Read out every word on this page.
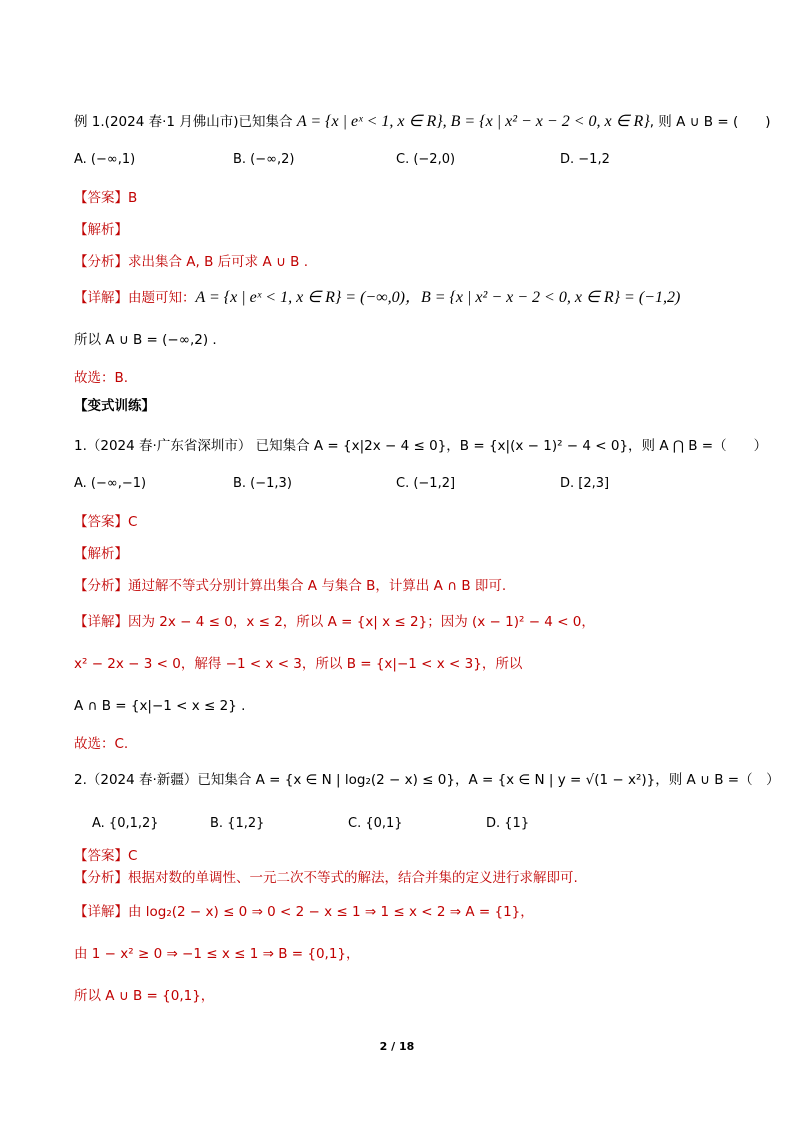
例 1.(2024 春·1 月佛山市)已知集合 A = {x | eˣ < 1, x ∈ R}, B = {x | x² − x − 2 < 0, x ∈ R}, 则 A ∪ B = (　　)
A. (−∞,1)	B. (−∞,2)	C. (−2,0)	D. −1,2
【答案】B
【解析】
【分析】求出集合 A, B 后可求 A ∪ B .
【详解】由题可知：A = {x | eˣ < 1, x ∈ R} = (−∞,0)，B = {x | x² − x − 2 < 0, x ∈ R} = (−1,2)
所以 A ∪ B = (−∞,2) .
故选：B.
【变式训练】
1.（2024 春·广东省深圳市） 已知集合 A = {x|2x − 4 ≤ 0}，B = {x|(x − 1)² − 4 < 0}，则 A ⋂ B =（　　）
A. (−∞,−1)	B. (−1,3)	C. (−1,2]	D. [2,3]
【答案】C
【解析】
【分析】通过解不等式分别计算出集合 A 与集合 B，计算出 A ∩ B 即可.
【详解】因为 2x − 4 ≤ 0，x ≤ 2，所以 A = {x| x ≤ 2}；因为 (x − 1)² − 4 < 0，
x² − 2x − 3 < 0，解得 −1 < x < 3，所以 B = {x|−1 < x < 3}，所以
A ∩ B = {x|−1 < x ≤ 2} .
故选：C.
2.（2024 春·新疆）已知集合 A = {x ∈ N | log₂(2 − x) ≤ 0}，A = {x ∈ N | y = √(1 − x²)}，则 A ∪ B =（　）
A. {0,1,2}	B. {1,2}	C. {0,1}	D. {1}
【答案】C
【分析】根据对数的单调性、一元二次不等式的解法，结合并集的定义进行求解即可.
【详解】由 log₂(2 − x) ≤ 0 ⇒ 0 < 2 − x ≤ 1 ⇒ 1 ≤ x < 2 ⇒ A = {1}，
由 1 − x² ≥ 0 ⇒ −1 ≤ x ≤ 1 ⇒ B = {0,1}，
所以 A ∪ B = {0,1}，
2 / 18
